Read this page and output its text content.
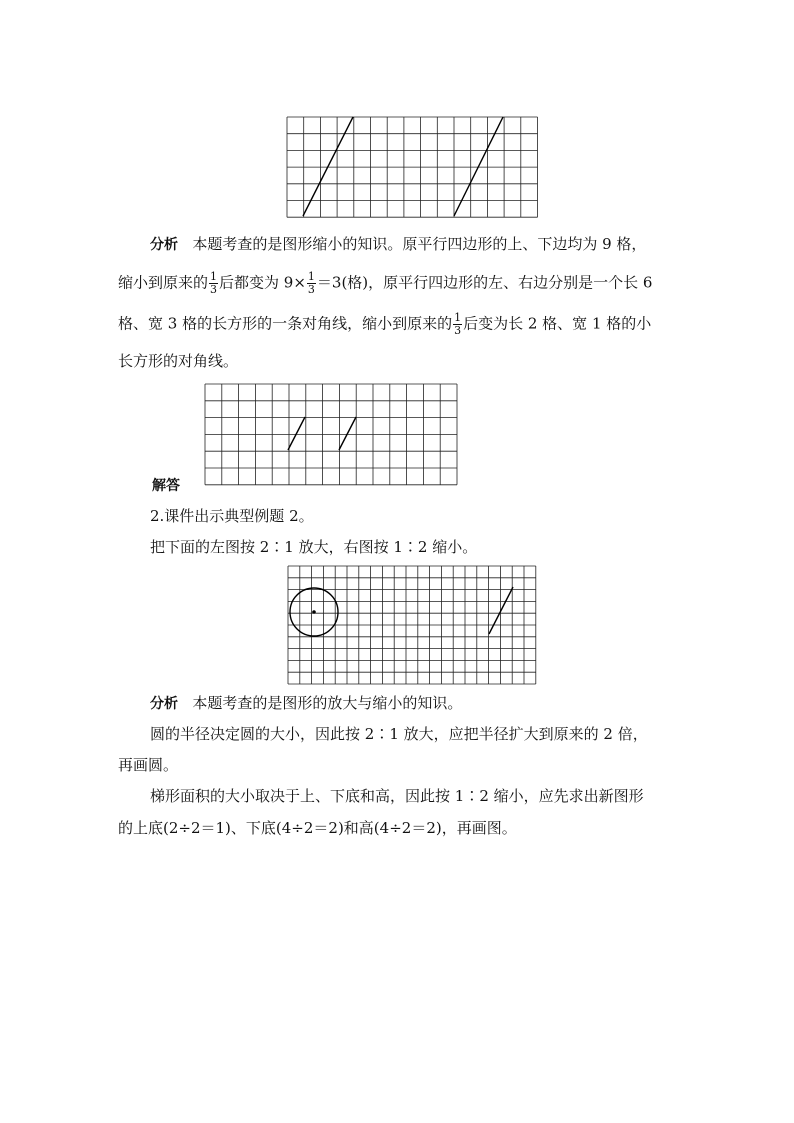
分析 本题考查的是图形缩小的知识。原平行四边形的上、下边均为 9 格，
缩小到原来的 $\frac{1}{3}$ 后都变为 $9\times \frac{1}{3} =3$(格)，原平行四边形的左、右边分别是一个长 6
格、宽 3 格的长方形的一条对角线，缩小到原来的 $\frac{1}{3}$ 后变为长 2 格、宽 1 格的小
长方形的对角线。
解答
2.课件出示典型例题 2。
把下面的左图按 2∶1 放大，右图按 1∶2 缩小。
分析 本题考查的是图形的放大与缩小的知识。
圆的半径决定圆的大小，因此按 2∶1 放大，应把半径扩大到原来的 2 倍，
再画圆。
梯形面积的大小取决于上、下底和高，因此按 1∶2 缩小，应先求出新图形
的上底(2÷2＝1)、下底(4÷2＝2)和高(4÷2＝2)，再画图。
